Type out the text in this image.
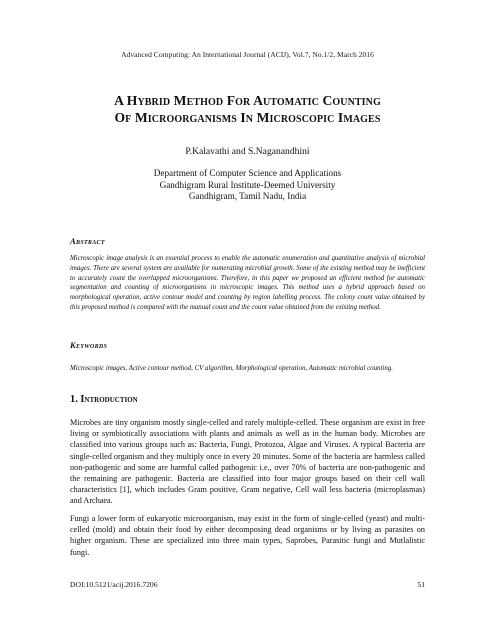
Advanced Computing: An International Journal (ACIJ), Vol.7, No.1/2, March 2016
A Hybrid Method For Automatic Counting
Of Microorganisms In Microscopic Images
P.Kalavathi and S.Naganandhini
Department of Computer Science and Applications
Gandhigram Rural Institute-Deemed University
Gandhigram, Tamil Nadu, India
Abstract
Microscopic image analysis is an essential process to enable the automatic enumeration and quantitative analysis of microbial images. There are several system are available for numerating microbial growth. Some of the existing method may be inefficient to accurately count the overlapped microorganisms. Therefore, in this paper we proposed an efficient method for automatic segmentation and counting of microorganisms in microscopic images. This method uses a hybrid approach based on morphological operation, active contour model and counting by region labelling process. The colony count value obtained by this proposed method is compared with the manual count and the count value obtained from the existing method.
Keywords
Microscopic images, Active contour method, CV algorithm, Morphological operation, Automatic microbial counting.
1. Introduction
Microbes are tiny organism mostly single-celled and rarely multiple-celled. These organism are exist in free living or symbiotically associations with plants and animals as well as in the human body. Microbes are classified into various groups such as: Bacteria, Fungi, Protozoa, Algae and Viruses. A typical Bacteria are single-celled organism and they multiply once in every 20 minutes. Some of the bacteria are harmless called non-pathogenic and some are harmful called pathogenic i.e., over 70% of bacteria are non-pathogenic and the remaining are pathogenic. Bacteria are classified into four major groups based on their cell wall characteristics [1], which includes Gram positive, Gram negative, Cell wall less bacteria (microplasmas) and Archaea.
Fungi a lower form of eukaryotic microorganism, may exist in the form of single-celled (yeast) and multi-celled (mold) and obtain their food by either decomposing dead organisms or by living as parasites on higher organism. These are specialized into three main types, Saprobes, Parasitic fungi and Mutlalistic fungi.
DOI:10.5121/acij.2016.7206	51
